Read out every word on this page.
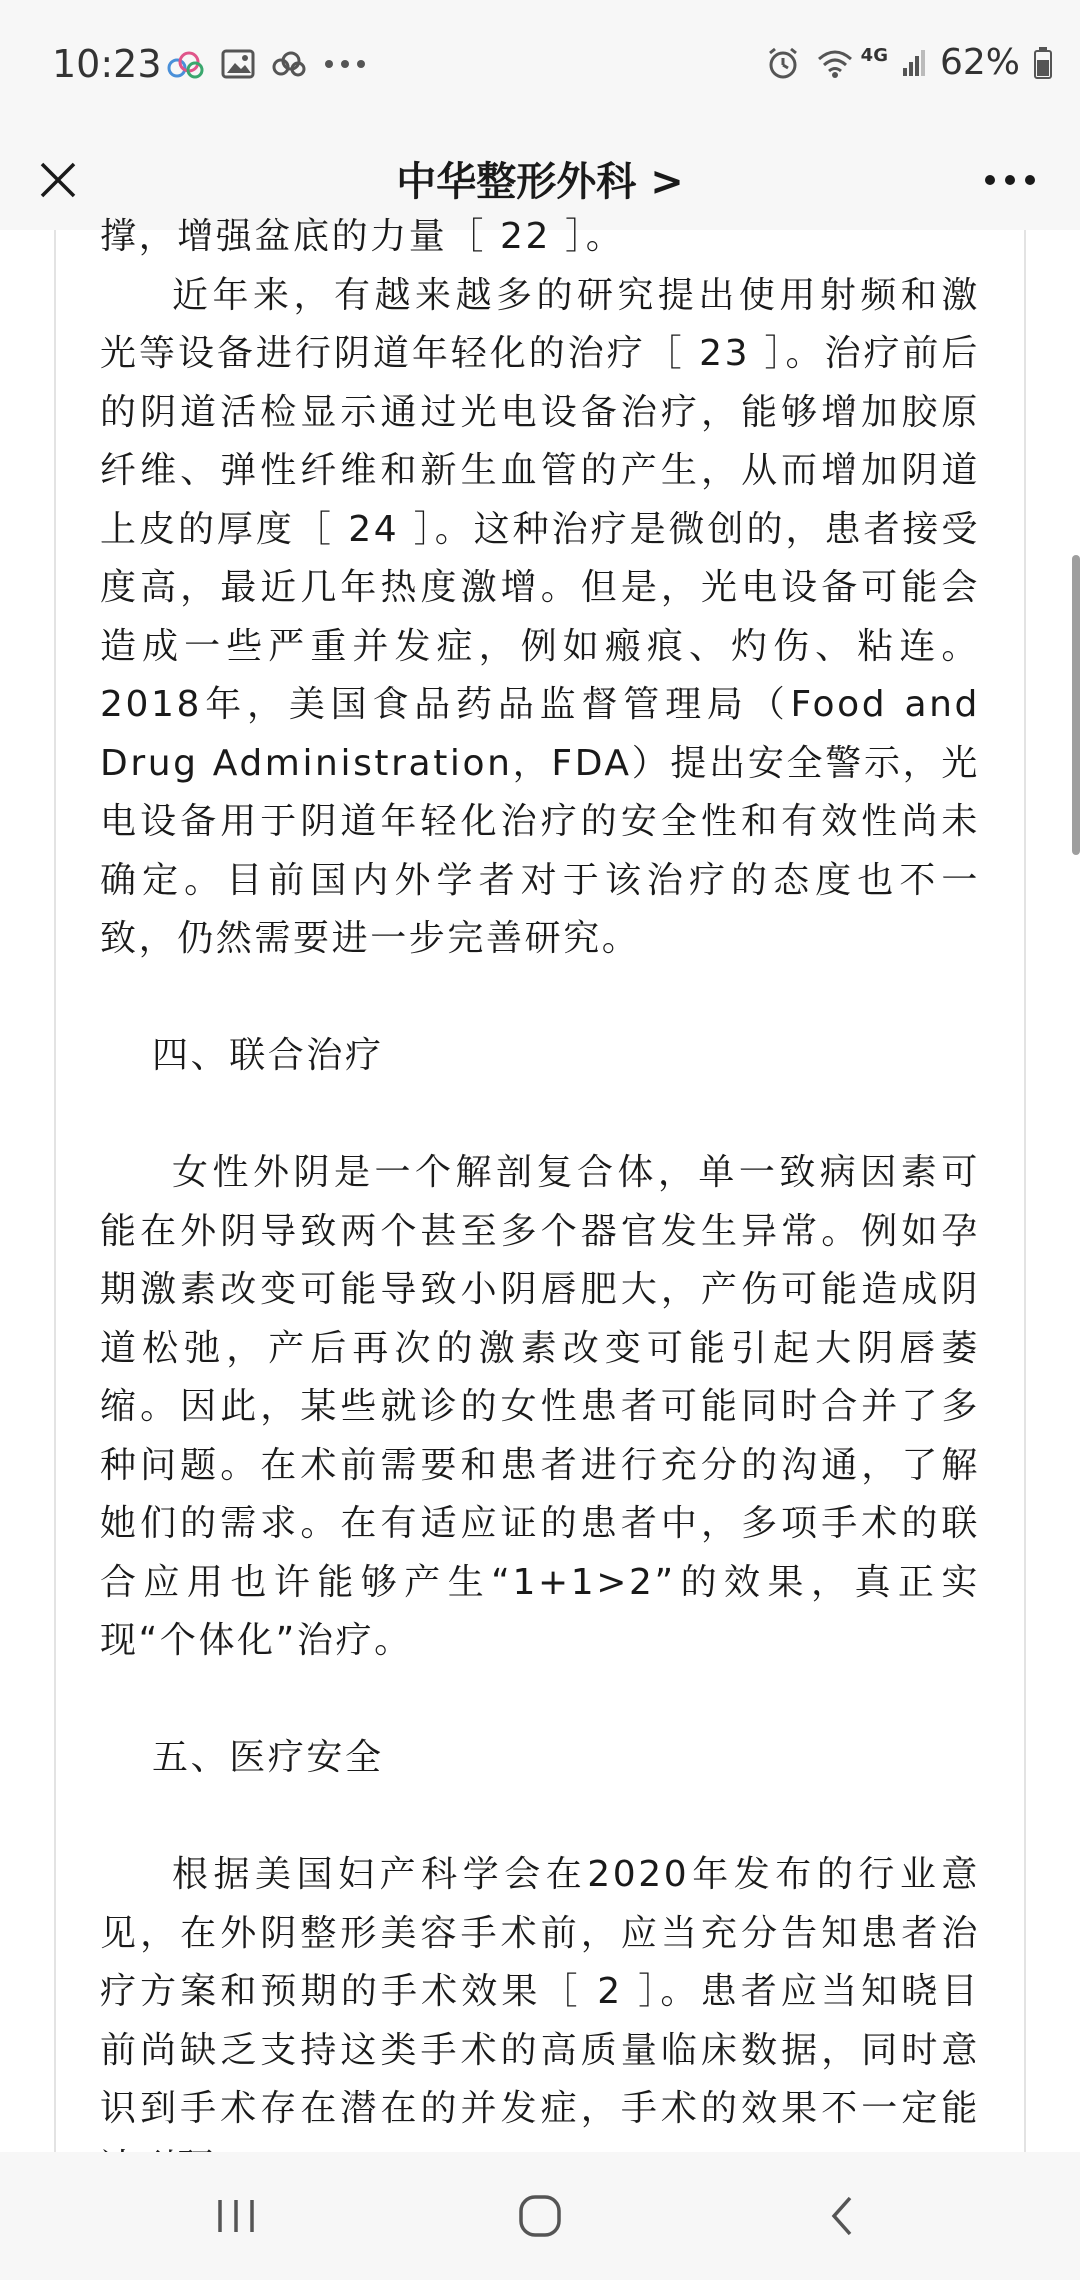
10:23	4G 62%
中华整形外科 >

撑，增强盆底的力量［ 22 ］。

近年来，有越来越多的研究提出使用射频和激光等设备进行阴道年轻化的治疗［ 23 ］。治疗前后的阴道活检显示通过光电设备治疗，能够增加胶原纤维、弹性纤维和新生血管的产生，从而增加阴道上皮的厚度［ 24 ］。这种治疗是微创的，患者接受度高，最近几年热度激增。但是，光电设备可能会造成一些严重并发症，例如瘢痕、灼伤、粘连。2018年，美国食品药品监督管理局（Food and Drug Administration，FDA）提出安全警示，光电设备用于阴道年轻化治疗的安全性和有效性尚未确定。目前国内外学者对于该治疗的态度也不一致，仍然需要进一步完善研究。

四、联合治疗

女性外阴是一个解剖复合体，单一致病因素可能在外阴导致两个甚至多个器官发生异常。例如孕期激素改变可能导致小阴唇肥大，产伤可能造成阴道松弛，产后再次的激素改变可能引起大阴唇萎缩。因此，某些就诊的女性患者可能同时合并了多种问题。在术前需要和患者进行充分的沟通，了解她们的需求。在有适应证的患者中，多项手术的联合应用也许能够产生“1+1>2”的效果，真正实现“个体化”治疗。

五、医疗安全

根据美国妇产科学会在2020年发布的行业意见，在外阴整形美容手术前，应当充分告知患者治疗方案和预期的手术效果［ 2 ］。患者应当知晓目前尚缺乏支持这类手术的高质量临床数据，同时意识到手术存在潜在的并发症，手术的效果不一定能
